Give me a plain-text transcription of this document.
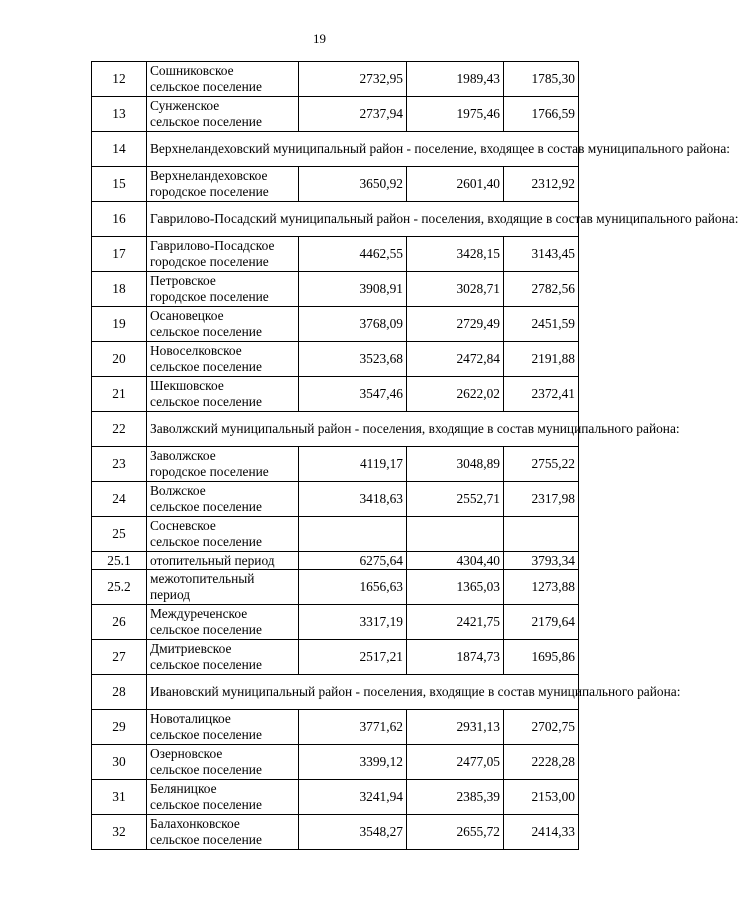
19
12	Сошниковское
сельское поселение	2732,95	1989,43	1785,30
13	Сунженское
сельское поселение	2737,94	1975,46	1766,59
14	Верхнеландеховский муниципальный район - поселение, входящее в состав муниципального района:			
15	Верхнеландеховское
городское поселение	3650,92	2601,40	2312,92
16	Гаврилово-Посадский муниципальный район - поселения, входящие в состав муниципального района:			
17	Гаврилово-Посадское
городское поселение	4462,55	3428,15	3143,45
18	Петровское
городское поселение	3908,91	3028,71	2782,56
19	Осановецкое
сельское поселение	3768,09	2729,49	2451,59
20	Новоселковское
сельское поселение	3523,68	2472,84	2191,88
21	Шекшовское
сельское поселение	3547,46	2622,02	2372,41
22	Заволжский муниципальный район - поселения, входящие в состав муниципального района:			
23	Заволжское
городское поселение	4119,17	3048,89	2755,22
24	Волжское
сельское поселение	3418,63	2552,71	2317,98
25	Сосневское
сельское поселение			

25.1	отопительный период	6275,64	4304,40	3793,34
25.2	межотопительный
период	1656,63	1365,03	1273,88
26	Междуреченское
сельское поселение	3317,19	2421,75	2179,64
27	Дмитриевское
сельское поселение	2517,21	1874,73	1695,86
28	Ивановский муниципальный район - поселения, входящие в состав муниципального района:			
29	Новоталицкое
сельское поселение	3771,62	2931,13	2702,75
30	Озерновское
сельское поселение	3399,12	2477,05	2228,28
31	Беляницкое
сельское поселение	3241,94	2385,39	2153,00
32	Балахонковское
сельское поселение	3548,27	2655,72	2414,33
